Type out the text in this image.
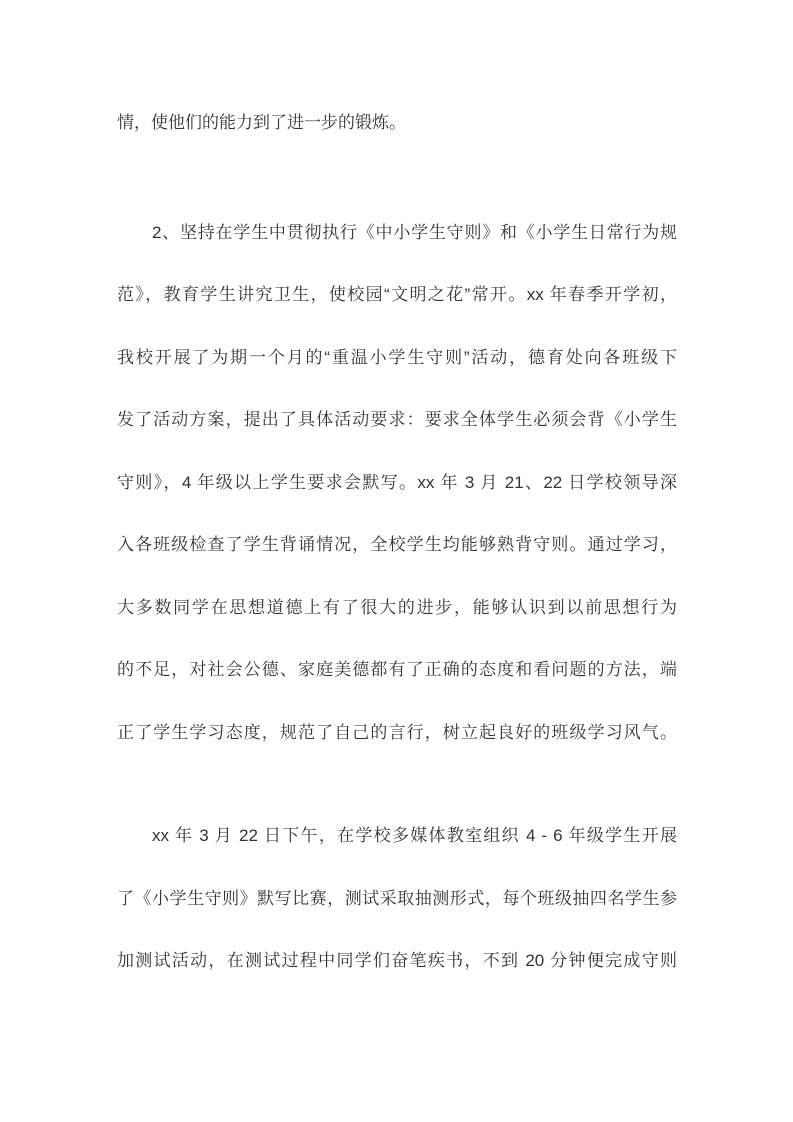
情，使他们的能力到了进一步的锻炼。
2、坚持在学生中贯彻执行《中小学生守则》和《小学生日常行为规
范》，教育学生讲究卫生，使校园“文明之花”常开。xx 年春季开学初，
我校开展了为期一个月的“重温小学生守则”活动，德育处向各班级下
发了活动方案，提出了具体活动要求：要求全体学生必须会背《小学生
守则》，4 年级以上学生要求会默写。xx 年 3 月 21、22 日学校领导深
入各班级检查了学生背诵情况，全校学生均能够熟背守则。通过学习，
大多数同学在思想道德上有了很大的进步，能够认识到以前思想行为
的不足，对社会公德、家庭美德都有了正确的态度和看问题的方法，端
正了学生学习态度，规范了自己的言行，树立起良好的班级学习风气。
xx 年 3 月 22 日下午，在学校多媒体教室组织 4 - 6 年级学生开展
了《小学生守则》默写比赛，测试采取抽测形式，每个班级抽四名学生参
加测试活动，在测试过程中同学们奋笔疾书，不到 20 分钟便完成守则
